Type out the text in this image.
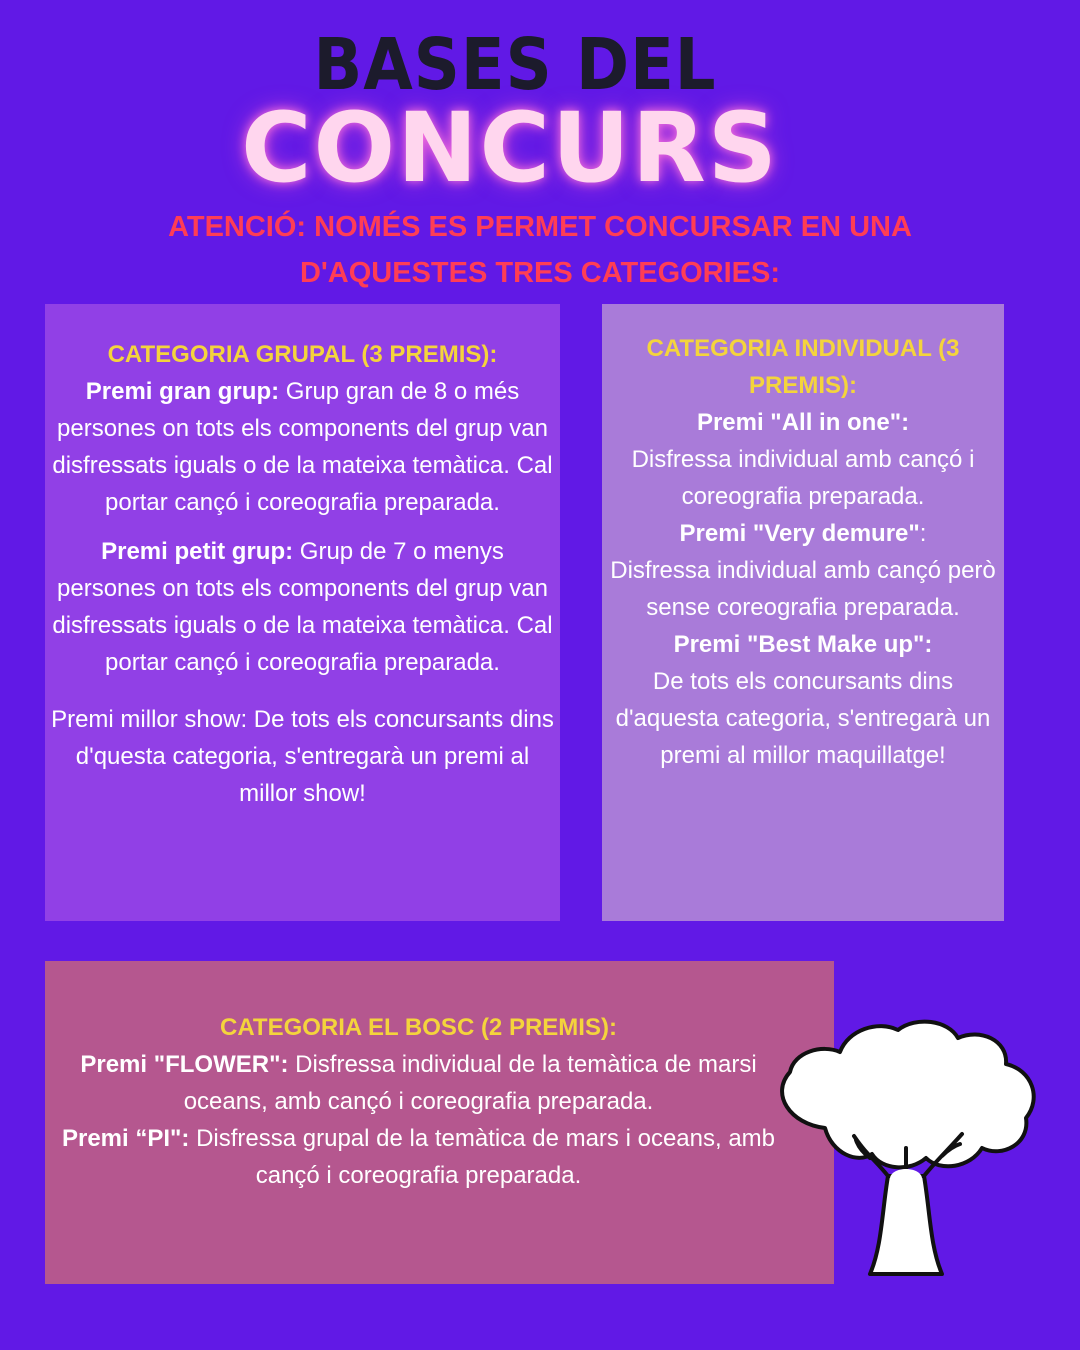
BASES DEL
CONCURS
ATENCIÓ: NOMÉS ES PERMET CONCURSAR EN UNA D'AQUESTES TRES CATEGORIES:

CATEGORIA GRUPAL (3 PREMIS):

Premi gran grup: Grup gran de 8 o més persones on tots els components del grup van disfressats iguals o de la mateixa temàtica. Cal portar cançó i coreografia preparada.

Premi petit grup: Grup de 7 o menys persones on tots els components del grup van disfressats iguals o de la mateixa temàtica. Cal portar cançó i coreografia preparada.

Premi millor show: De tots els concursants dins d'questa categoria, s'entregarà un premi al millor show!

CATEGORIA INDIVIDUAL (3 PREMIS):

Premi "All in one":

Disfressa individual amb cançó i coreografia preparada.

Premi "Very demure":

Disfressa individual amb cançó però sense coreografia preparada.

Premi "Best Make up":

De tots els concursants dins d'aquesta categoria, s'entregarà un premi al millor maquillatge!

CATEGORIA EL BOSC (2 PREMIS):

Premi "FLOWER": Disfressa individual de la temàtica de marsi oceans, amb cançó i coreografia preparada.

Premi “PI": Disfressa grupal de la temàtica de mars i oceans, amb cançó i coreografia preparada.
